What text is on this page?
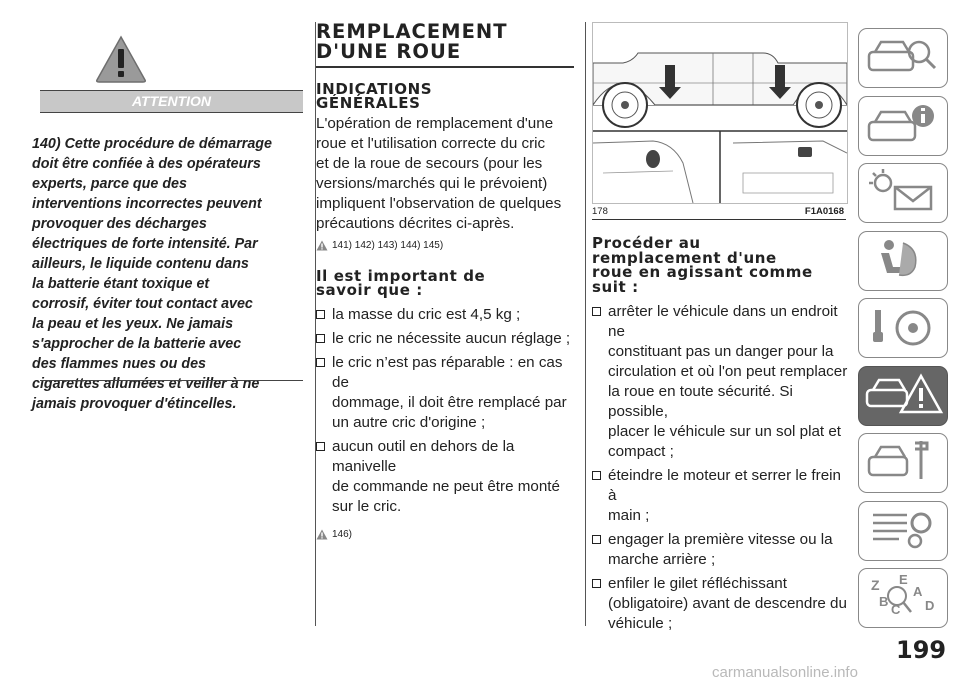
ATTENTION

140) Cette procédure de démarrage
doit être confiée à des opérateurs
experts, parce que des
interventions incorrectes peuvent
provoquer des décharges
électriques de forte intensité. Par
ailleurs, le liquide contenu dans
la batterie étant toxique et
corrosif, éviter tout contact avec
la peau et les yeux. Ne jamais
s'approcher de la batterie avec
des flammes nues ou des
cigarettes allumées et veiller à ne
jamais provoquer d'étincelles.

REMPLACEMENT
D'UNE ROUE
INDICATIONS
GÉNÉRALES

L'opération de remplacement d'une
roue et l'utilisation correcte du cric
et de la roue de secours (pour les
versions/marchés qui le prévoient)
impliquent l'observation de quelques
précautions décrites ci-après.

141) 142) 143) 144) 145)
Il est important de
savoir que :
la masse du cric est 4,5 kg ;
le cric ne nécessite aucun réglage ;
le cric n’est pas réparable : en cas de
dommage, il doit être remplacé par
un autre cric d'origine ;
aucun outil en dehors de la manivelle
de commande ne peut être monté
sur le cric.
146)
178	F1A0168
Procéder au
remplacement d'une
roue en agissant comme
suit :
arrêter le véhicule dans un endroit ne
constituant pas un danger pour la
circulation et où l'on peut remplacer
la roue en toute sécurité. Si possible,
placer le véhicule sur un sol plat et
compact ;
éteindre le moteur et serrer le frein à
main ;
engager la première vitesse ou la
marche arrière ;
enfiler le gilet réfléchissant
(obligatoire) avant de descendre du
véhicule ;
Z E
A
B
C D
199
carmanualsonline.info
